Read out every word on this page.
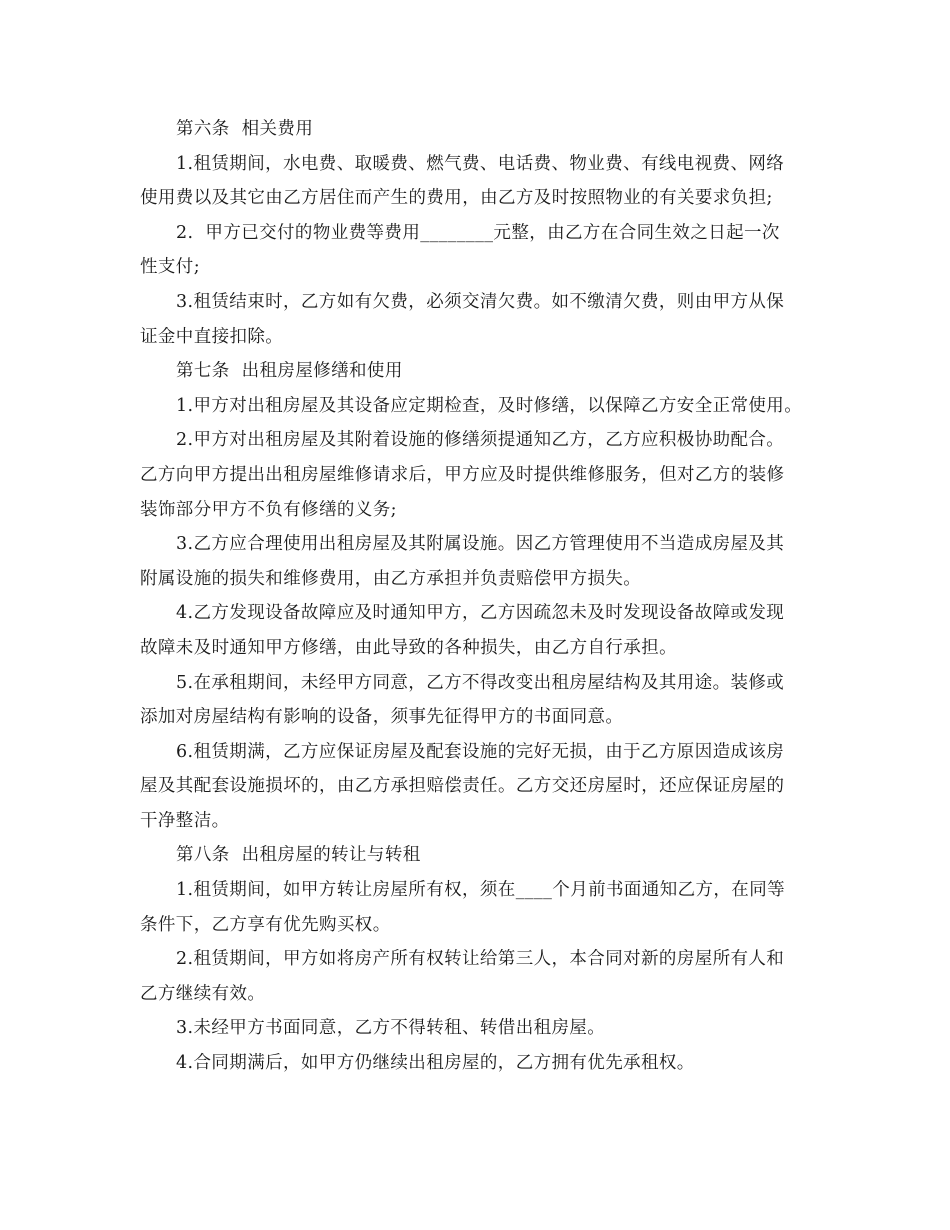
第六条  相关费用
1.租赁期间，水电费、取暖费、燃气费、电话费、物业费、有线电视费、网络
使用费以及其它由乙方居住而产生的费用，由乙方及时按照物业的有关要求负担;
2.  甲方已交付的物业费等费用________元整，由乙方在合同生效之日起一次
性支付;
3.租赁结束时，乙方如有欠费，必须交清欠费。如不缴清欠费，则由甲方从保
证金中直接扣除。
第七条  出租房屋修缮和使用
1.甲方对出租房屋及其设备应定期检查，及时修缮，以保障乙方安全正常使用。
2.甲方对出租房屋及其附着设施的修缮须提通知乙方，乙方应积极协助配合。
乙方向甲方提出出租房屋维修请求后，甲方应及时提供维修服务，但对乙方的装修
装饰部分甲方不负有修缮的义务;
3.乙方应合理使用出租房屋及其附属设施。因乙方管理使用不当造成房屋及其
附属设施的损失和维修费用，由乙方承担并负责赔偿甲方损失。
4.乙方发现设备故障应及时通知甲方，乙方因疏忽未及时发现设备故障或发现
故障未及时通知甲方修缮，由此导致的各种损失，由乙方自行承担。
5.在承租期间，未经甲方同意，乙方不得改变出租房屋结构及其用途。装修或
添加对房屋结构有影响的设备，须事先征得甲方的书面同意。
6.租赁期满，乙方应保证房屋及配套设施的完好无损，由于乙方原因造成该房
屋及其配套设施损坏的，由乙方承担赔偿责任。乙方交还房屋时，还应保证房屋的
干净整洁。
第八条  出租房屋的转让与转租
1.租赁期间，如甲方转让房屋所有权，须在____个月前书面通知乙方，在同等
条件下，乙方享有优先购买权。
2.租赁期间，甲方如将房产所有权转让给第三人，本合同对新的房屋所有人和
乙方继续有效。
3.未经甲方书面同意，乙方不得转租、转借出租房屋。
4.合同期满后，如甲方仍继续出租房屋的，乙方拥有优先承租权。
